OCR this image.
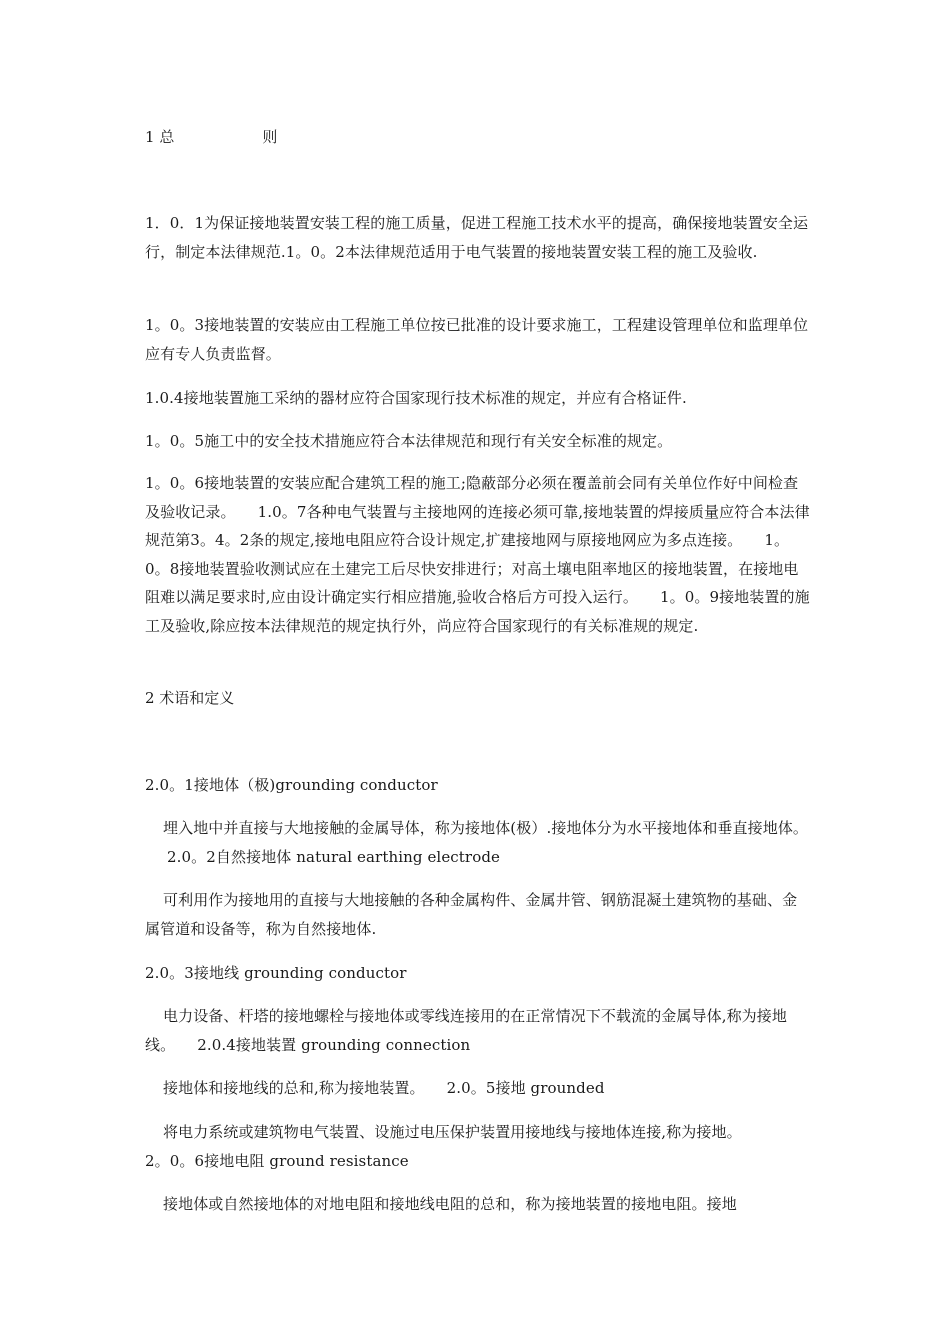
1 总	则

1．0．1为保证接地装置安装工程的施工质量，促进工程施工技术水平的提高，确保接地装置安全运行，制定本法律规范.1。0。2本法律规范适用于电气装置的接地装置安装工程的施工及验收.

1。0。3接地装置的安装应由工程施工单位按已批准的设计要求施工，工程建设管理单位和监理单位应有专人负责监督。

1.0.4接地装置施工采纳的器材应符合国家现行技术标准的规定，并应有合格证件.

1。0。5施工中的安全技术措施应符合本法律规范和现行有关安全标准的规定。

1。0。6接地装置的安装应配合建筑工程的施工;隐蔽部分必须在覆盖前会同有关单位作好中间检查及验收记录。 1.0。7各种电气装置与主接地网的连接必须可靠,接地装置的焊接质量应符合本法律规范第3。4。2条的规定,接地电阻应符合设计规定,扩建接地网与原接地网应为多点连接。 1。0。8接地装置验收测试应在土建完工后尽快安排进行；对高土壤电阻率地区的接地装置，在接地电阻难以满足要求时,应由设计确定实行相应措施,验收合格后方可投入运行。 1。0。9接地装置的施工及验收,除应按本法律规范的规定执行外，尚应符合国家现行的有关标准规的规定.

2 术语和定义

2.0。1接地体（极)grounding conductor

埋入地中并直接与大地接触的金属导体，称为接地体(极）.接地体分为水平接地体和垂直接地体。2.0。2自然接地体 natural earthing electrode

可利用作为接地用的直接与大地接触的各种金属构件、金属井管、钢筋混凝土建筑物的基础、金属管道和设备等，称为自然接地体.

2.0。3接地线 grounding conductor

电力设备、杆塔的接地螺栓与接地体或零线连接用的在正常情况下不载流的金属导体,称为接地线。 2.0.4接地装置 grounding connection

接地体和接地线的总和,称为接地装置。 2.0。5接地 grounded

将电力系统或建筑物电气装置、设施过电压保护装置用接地线与接地体连接,称为接地。

2。0。6接地电阻 ground resistance

接地体或自然接地体的对地电阻和接地线电阻的总和，称为接地装置的接地电阻。接地
